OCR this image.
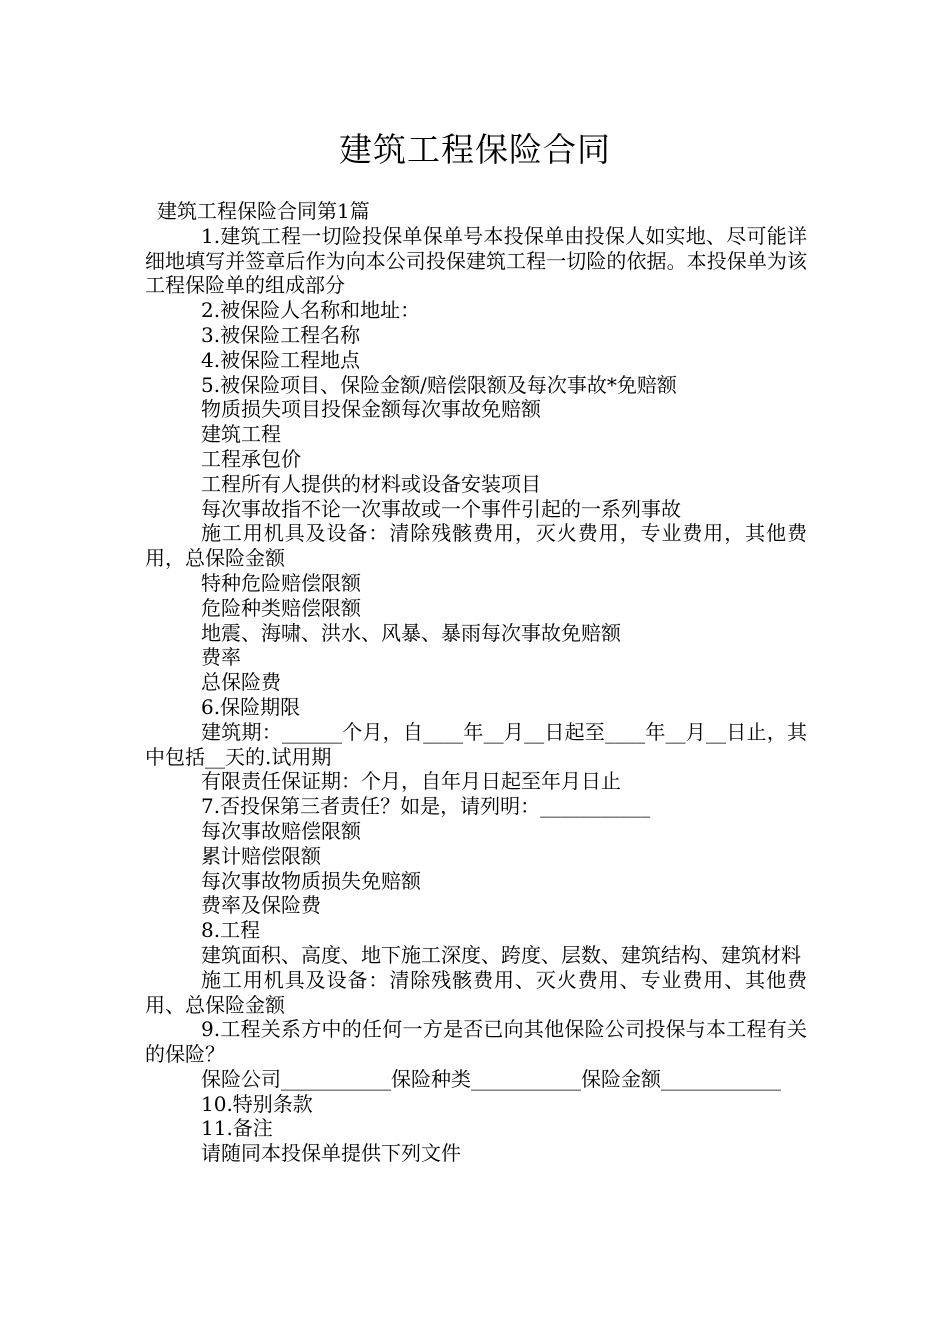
建筑工程保险合同

建筑工程保险合同第1篇

1.建筑工程一切险投保单保单号本投保单由投保人如实地、尽可能详细地填写并签章后作为向本公司投保建筑工程一切险的依据。本投保单为该工程保险单的组成部分

2.被保险人名称和地址：

3.被保险工程名称

4.被保险工程地点

5.被保险项目、保险金额/赔偿限额及每次事故*免赔额

物质损失项目投保金额每次事故免赔额

建筑工程

工程承包价

工程所有人提供的材料或设备安装项目

每次事故指不论一次事故或一个事件引起的一系列事故

施工用机具及设备：清除残骸费用，灭火费用，专业费用，其他费用，总保险金额

特种危险赔偿限额

危险种类赔偿限额

地震、海啸、洪水、风暴、暴雨每次事故免赔额

费率

总保险费

6.保险期限

建筑期：______个月，自____年__月__日起至____年__月__日止，其中包括__天的.试用期

有限责任保证期：个月，自年月日起至年月日止

7.否投保第三者责任？如是，请列明：___________

每次事故赔偿限额

累计赔偿限额

每次事故物质损失免赔额

费率及保险费

8.工程

建筑面积、高度、地下施工深度、跨度、层数、建筑结构、建筑材料

施工用机具及设备：清除残骸费用、灭火费用、专业费用、其他费用、总保险金额

9.工程关系方中的任何一方是否已向其他保险公司投保与本工程有关的保险？

保险公司___________保险种类___________保险金额____________

10.特别条款

11.备注

请随同本投保单提供下列文件
